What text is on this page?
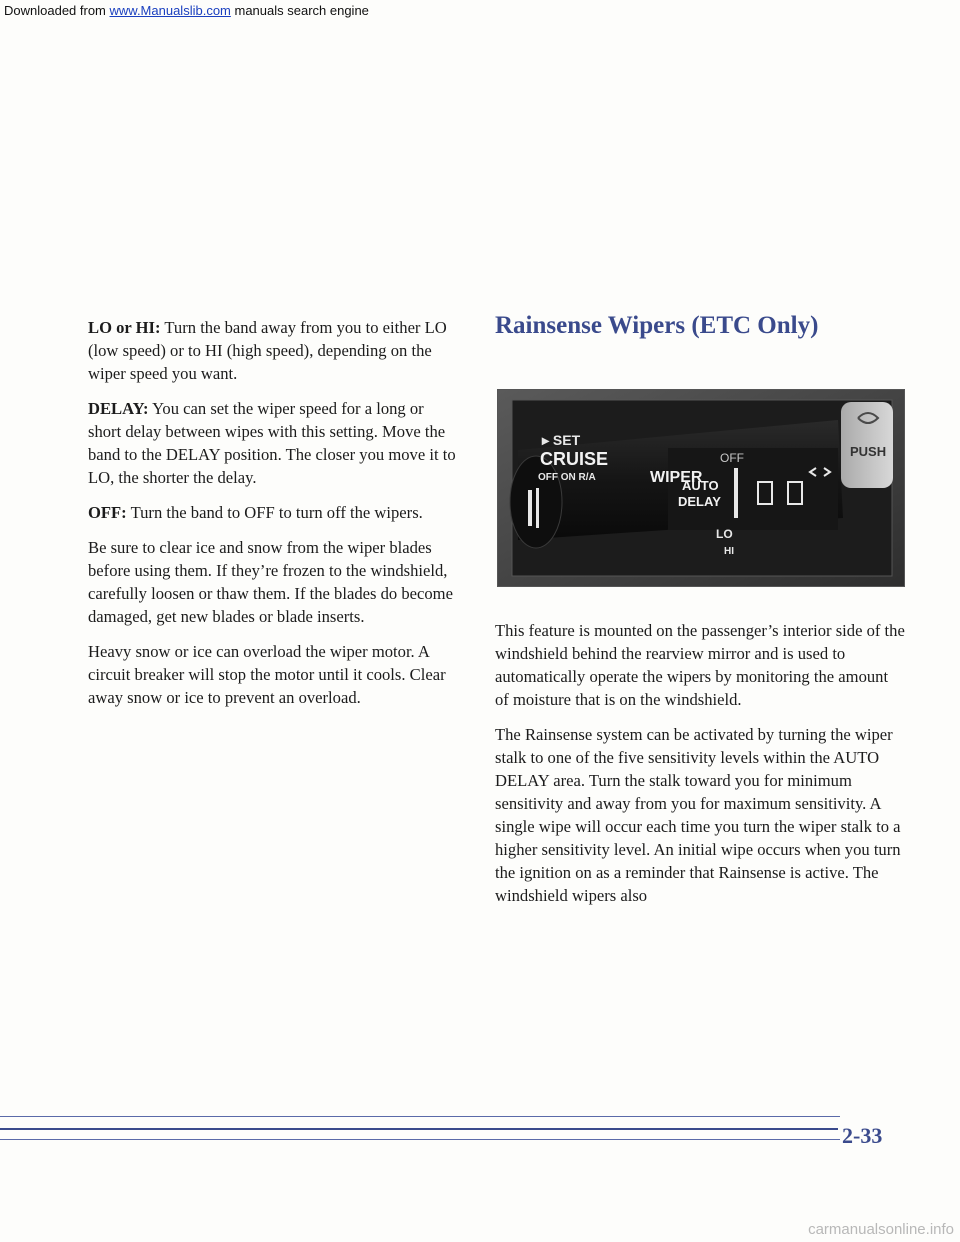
Downloaded from www.Manualslib.com manuals search engine

LO or HI: Turn the band away from you to either LO (low speed) or to HI (high speed), depending on the wiper speed you want.

DELAY: You can set the wiper speed for a long or short delay between wipes with this setting. Move the band to the DELAY position. The closer you move it to LO, the shorter the delay.

OFF: Turn the band to OFF to turn off the wipers.

Be sure to clear ice and snow from the wiper blades before using them. If they’re frozen to the windshield, carefully loosen or thaw them. If the blades do become damaged, get new blades or blade inserts.

Heavy snow or ice can overload the wiper motor. A circuit breaker will stop the motor until it cools. Clear away snow or ice to prevent an overload.

Rainsense Wipers (ETC Only)
▸ SET
CRUISE
OFF ON R/A	WIPER
OFF	PUSH
AUTO
DELAY
LO
HI

This feature is mounted on the passenger’s interior side of the windshield behind the rearview mirror and is used to automatically operate the wipers by monitoring the amount of moisture that is on the windshield.

The Rainsense system can be activated by turning the wiper stalk to one of the five sensitivity levels within the AUTO DELAY area. Turn the stalk toward you for minimum sensitivity and away from you for maximum sensitivity. A single wipe will occur each time you turn the wiper stalk to a higher sensitivity level. An initial wipe occurs when you turn the ignition on as a reminder that Rainsense is active. The windshield wipers also

2-33
carmanualsonline.info
